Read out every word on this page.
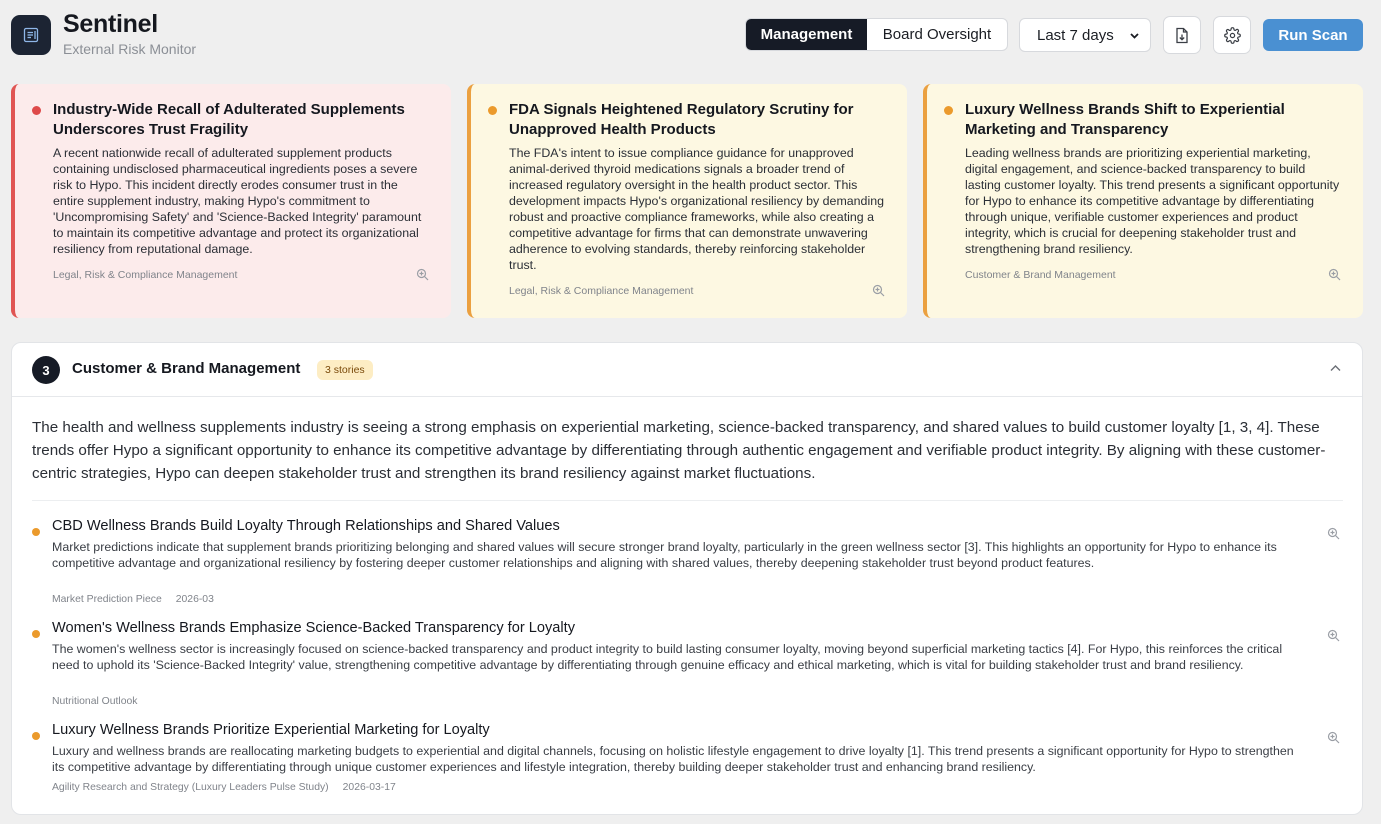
Sentinel
External Risk Monitor
Management	Board Oversight	Last 7 days	Run Scan
Industry-Wide Recall of Adulterated Supplements Underscores Trust Fragility
A recent nationwide recall of adulterated supplement products containing undisclosed pharmaceutical ingredients poses a severe risk to Hypo. This incident directly erodes consumer trust in the entire supplement industry, making Hypo's commitment to 'Uncompromising Safety' and 'Science-Backed Integrity' paramount to maintain its competitive advantage and protect its organizational resiliency from reputational damage.
Legal, Risk & Compliance Management
FDA Signals Heightened Regulatory Scrutiny for Unapproved Health Products
The FDA's intent to issue compliance guidance for unapproved animal-derived thyroid medications signals a broader trend of increased regulatory oversight in the health product sector. This development impacts Hypo's organizational resiliency by demanding robust and proactive compliance frameworks, while also creating a competitive advantage for firms that can demonstrate unwavering adherence to evolving standards, thereby reinforcing stakeholder trust.
Legal, Risk & Compliance Management
Luxury Wellness Brands Shift to Experiential Marketing and Transparency
Leading wellness brands are prioritizing experiential marketing, digital engagement, and science-backed transparency to build lasting customer loyalty. This trend presents a significant opportunity for Hypo to enhance its competitive advantage by differentiating through unique, verifiable customer experiences and product integrity, which is crucial for deepening stakeholder trust and strengthening brand resiliency.
Customer & Brand Management
3	Customer & Brand Management	3 stories
The health and wellness supplements industry is seeing a strong emphasis on experiential marketing, science-backed transparency, and shared values to build customer loyalty [1, 3, 4]. These trends offer Hypo a significant opportunity to enhance its competitive advantage by differentiating through authentic engagement and verifiable product integrity. By aligning with these customer-centric strategies, Hypo can deepen stakeholder trust and strengthen its brand resiliency against market fluctuations.
CBD Wellness Brands Build Loyalty Through Relationships and Shared Values
Market predictions indicate that supplement brands prioritizing belonging and shared values will secure stronger brand loyalty, particularly in the green wellness sector [3]. This highlights an opportunity for Hypo to enhance its competitive advantage and organizational resiliency by fostering deeper customer relationships and aligning with shared values, thereby deepening stakeholder trust beyond product features.
Market Prediction Piece 2026-03
Women's Wellness Brands Emphasize Science-Backed Transparency for Loyalty
The women's wellness sector is increasingly focused on science-backed transparency and product integrity to build lasting consumer loyalty, moving beyond superficial marketing tactics [4]. For Hypo, this reinforces the critical need to uphold its 'Science-Backed Integrity' value, strengthening competitive advantage by differentiating through genuine efficacy and ethical marketing, which is vital for building stakeholder trust and brand resiliency.
Nutritional Outlook
Luxury Wellness Brands Prioritize Experiential Marketing for Loyalty
Luxury and wellness brands are reallocating marketing budgets to experiential and digital channels, focusing on holistic lifestyle engagement to drive loyalty [1]. This trend presents a significant opportunity for Hypo to strengthen its competitive advantage by differentiating through unique customer experiences and lifestyle integration, thereby building deeper stakeholder trust and enhancing brand resiliency.
Agility Research and Strategy (Luxury Leaders Pulse Study) 2026-03-17
